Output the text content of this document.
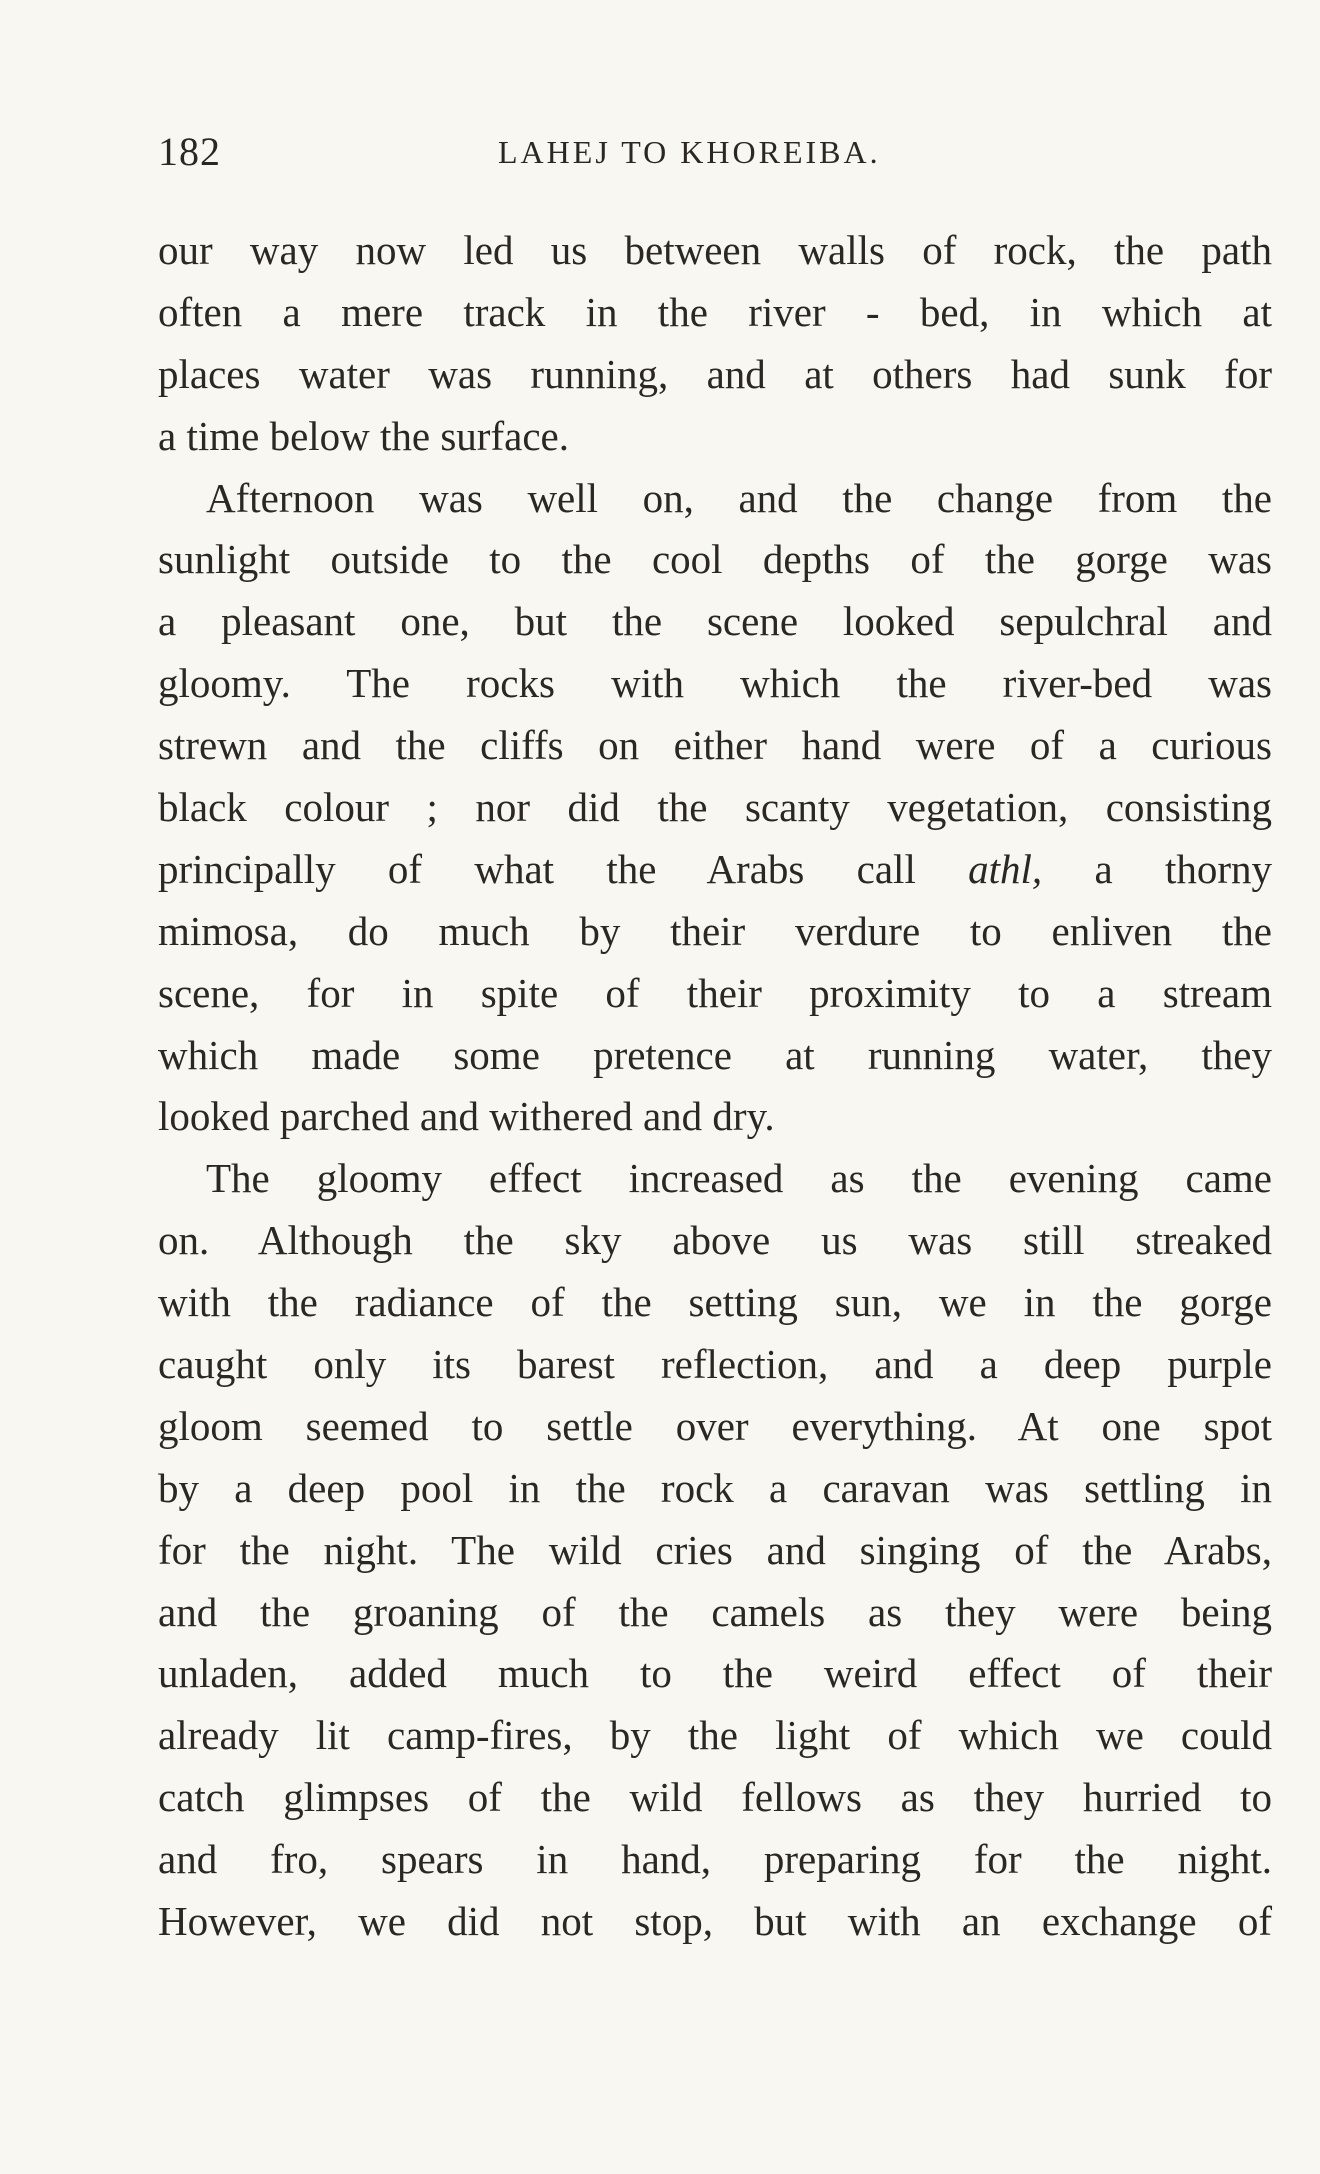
182	LAHEJ TO KHOREIBA.
our way now led us between walls of rock, the path
often a mere track in the river - bed, in which at
places water was running, and at others had sunk for
a time below the surface.
Afternoon was well on, and the change from the
sunlight outside to the cool depths of the gorge was
a pleasant one, but the scene looked sepulchral and
gloomy. The rocks with which the river-bed was
strewn and the cliffs on either hand were of a curious
black colour ; nor did the scanty vegetation, consisting
principally of what the Arabs call athl, a thorny
mimosa, do much by their verdure to enliven the
scene, for in spite of their proximity to a stream
which made some pretence at running water, they
looked parched and withered and dry.
The gloomy effect increased as the evening came
on. Although the sky above us was still streaked
with the radiance of the setting sun, we in the gorge
caught only its barest reflection, and a deep purple
gloom seemed to settle over everything. At one spot
by a deep pool in the rock a caravan was settling in
for the night. The wild cries and singing of the Arabs,
and the groaning of the camels as they were being
unladen, added much to the weird effect of their
already lit camp-fires, by the light of which we could
catch glimpses of the wild fellows as they hurried to
and fro, spears in hand, preparing for the night.
However, we did not stop, but with an exchange of
